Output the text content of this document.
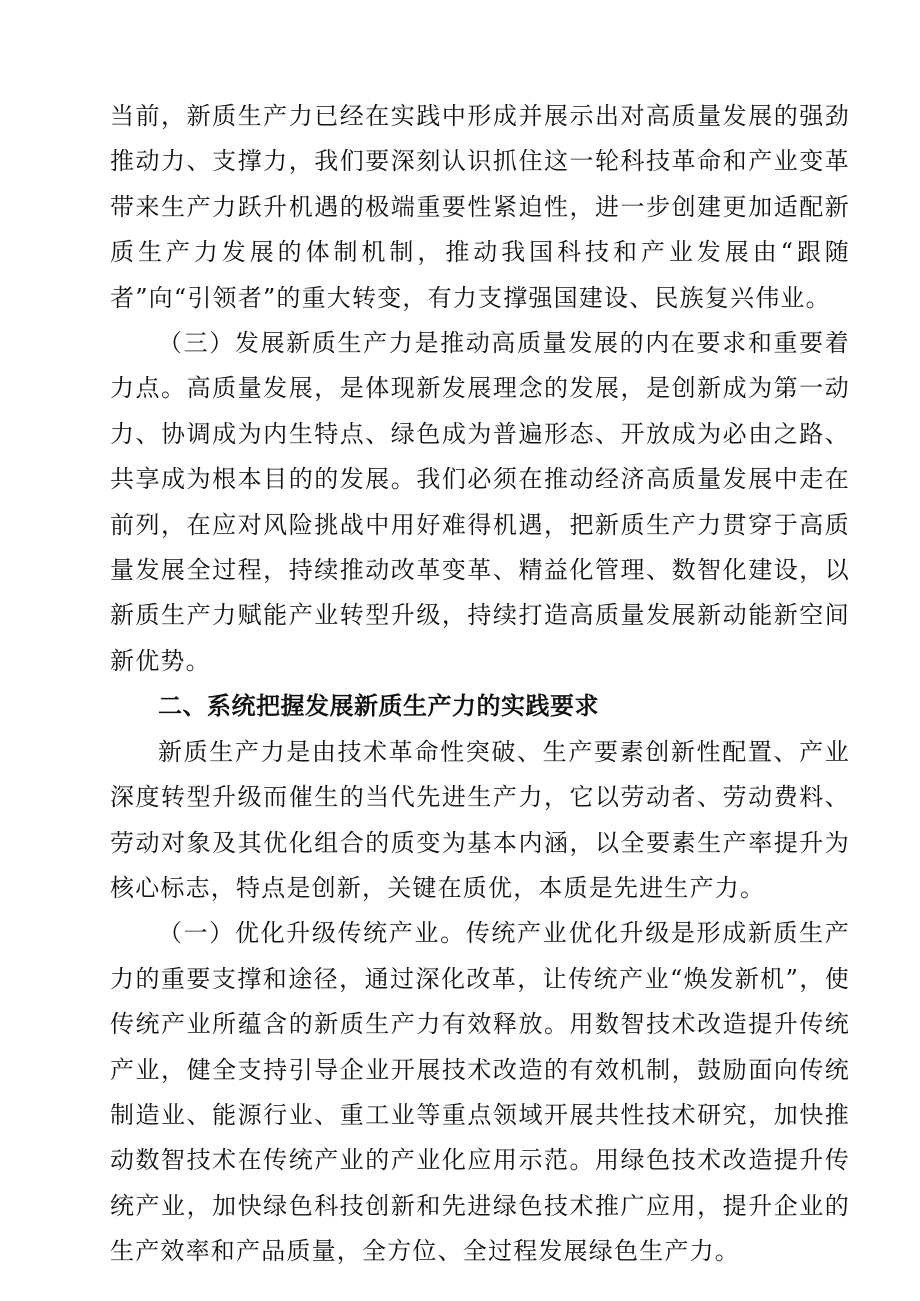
当前，新质生产力已经在实践中形成并展示出对高质量发展的强劲推动力、支撑力，我们要深刻认识抓住这一轮科技革命和产业变革带来生产力跃升机遇的极端重要性紧迫性，进一步创建更加适配新质生产力发展的体制机制，推动我国科技和产业发展由“跟随者”向“引领者”的重大转变，有力支撑强国建设、民族复兴伟业。

（三）发展新质生产力是推动高质量发展的内在要求和重要着力点。高质量发展，是体现新发展理念的发展，是创新成为第一动力、协调成为内生特点、绿色成为普遍形态、开放成为必由之路、共享成为根本目的的发展。我们必须在推动经济高质量发展中走在前列，在应对风险挑战中用好难得机遇，把新质生产力贯穿于高质量发展全过程，持续推动改革变革、精益化管理、数智化建设，以新质生产力赋能产业转型升级，持续打造高质量发展新动能新空间新优势。

二、系统把握发展新质生产力的实践要求

新质生产力是由技术革命性突破、生产要素创新性配置、产业深度转型升级而催生的当代先进生产力，它以劳动者、劳动费料、劳动对象及其优化组合的质变为基本内涵，以全要素生产率提升为核心标志，特点是创新，关键在质优，本质是先进生产力。

（一）优化升级传统产业。传统产业优化升级是形成新质生产力的重要支撑和途径，通过深化改革，让传统产业“焕发新机”，使传统产业所蕴含的新质生产力有效释放。用数智技术改造提升传统产业，健全支持引导企业开展技术改造的有效机制，鼓励面向传统制造业、能源行业、重工业等重点领域开展共性技术研究，加快推动数智技术在传统产业的产业化应用示范。用绿色技术改造提升传统产业，加快绿色科技创新和先进绿色技术推广应用，提升企业的生产效率和产品质量，全方位、全过程发展绿色生产力。
